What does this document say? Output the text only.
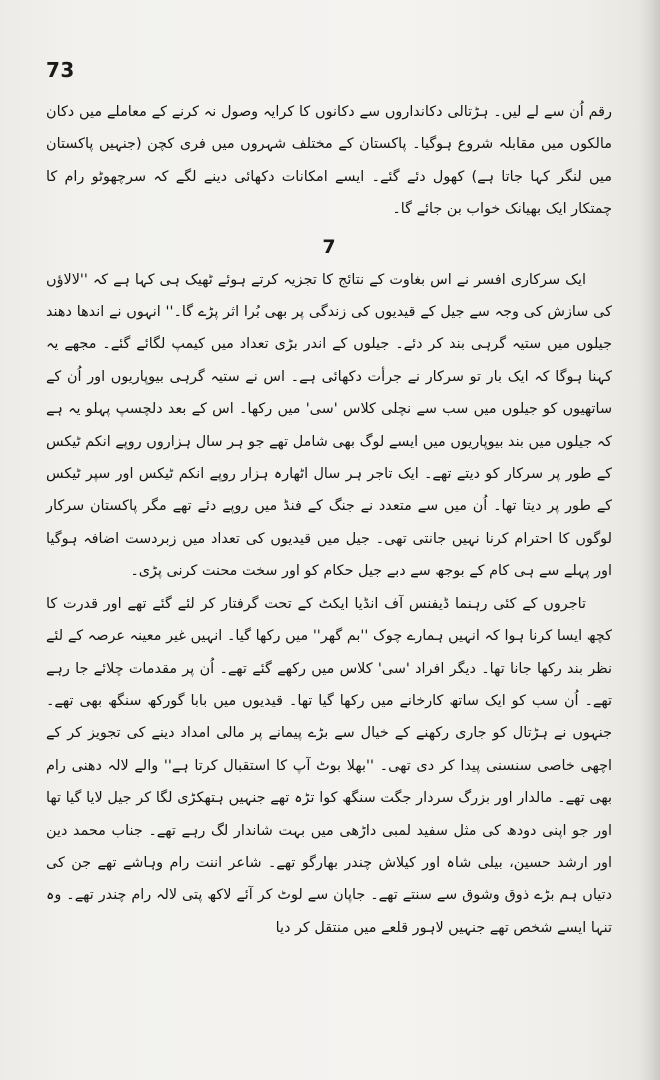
73

رقم اُن سے لے لیں۔ ہڑتالی دکانداروں سے دکانوں کا کرایہ وصول نہ کرنے کے معاملے میں دکان مالکوں میں مقابلہ شروع ہوگیا۔ پاکستان کے مختلف شہروں میں فری کچن (جنہیں پاکستان میں لنگر کہا جاتا ہے) کھول دئے گئے۔ ایسے امکانات دکھائی دینے لگے کہ سرچھوٹو رام کا چمتکار ایک بھیانک خواب بن جائے گا۔

7

ایک سرکاری افسر نے اس بغاوت کے نتائج کا تجزیہ کرتے ہوئے ٹھیک ہی کہا ہے کہ ''لالاؤں کی سازش کی وجہ سے جیل کے قیدیوں کی زندگی پر بھی بُرا اثر پڑے گا۔'' انہوں نے اندھا دھند جیلوں میں ستیہ گرہی بند کر دئے۔ جیلوں کے اندر بڑی تعداد میں کیمپ لگائے گئے۔ مجھے یہ کہنا ہوگا کہ ایک بار تو سرکار نے جرأت دکھائی ہے۔ اس نے ستیہ گرہی بیوپاریوں اور اُن کے ساتھیوں کو جیلوں میں سب سے نچلی کلاس 'سی' میں رکھا۔ اس کے بعد دلچسپ پہلو یہ ہے کہ جیلوں میں بند بیوپاریوں میں ایسے لوگ بھی شامل تھے جو ہر سال ہزاروں روپے انکم ٹیکس کے طور پر سرکار کو دیتے تھے۔ ایک تاجر ہر سال اٹھارہ ہزار روپے انکم ٹیکس اور سپر ٹیکس کے طور پر دیتا تھا۔ اُن میں سے متعدد نے جنگ کے فنڈ میں روپے دئے تھے مگر پاکستان سرکار لوگوں کا احترام کرنا نہیں جانتی تھی۔ جیل میں قیدیوں کی تعداد میں زبردست اضافہ ہوگیا اور پہلے سے ہی کام کے بوجھ سے دبے جیل حکام کو اور سخت محنت کرنی پڑی۔

تاجروں کے کئی رہنما ڈیفنس آف انڈیا ایکٹ کے تحت گرفتار کر لئے گئے تھے اور قدرت کا کچھ ایسا کرنا ہوا کہ انہیں ہمارے چوک ''بم گھر'' میں رکھا گیا۔ انہیں غیر معینہ عرصہ کے لئے نظر بند رکھا جانا تھا۔ دیگر افراد 'سی' کلاس میں رکھے گئے تھے۔ اُن پر مقدمات چلائے جا رہے تھے۔ اُن سب کو ایک ساتھ کارخانے میں رکھا گیا تھا۔ قیدیوں میں بابا گورکھ سنگھ بھی تھے۔ جنہوں نے ہڑتال کو جاری رکھنے کے خیال سے بڑے پیمانے پر مالی امداد دینے کی تجویز کر کے اچھی خاصی سنسنی پیدا کر دی تھی۔ ''بھلا بوٹ آپ کا استقبال کرتا ہے'' والے لالہ دھنی رام بھی تھے۔ مالدار اور بزرگ سردار جگت سنگھ کوا تڑہ تھے جنہیں ہتھکڑی لگا کر جیل لایا گیا تھا اور جو اپنی دودھ کی مثل سفید لمبی داڑھی میں بہت شاندار لگ رہے تھے۔ جناب محمد دین اور ارشد حسین، بیلی شاہ اور کیلاش چندر بھارگو تھے۔ شاعر اننت رام وہاشے تھے جن کی دتیاں ہم بڑے ذوق وشوق سے سنتے تھے۔ جاپان سے لوٹ کر آئے لاکھ پتی لالہ رام چندر تھے۔ وہ تنہا ایسے شخص تھے جنہیں لاہور قلعے میں منتقل کر دیا
